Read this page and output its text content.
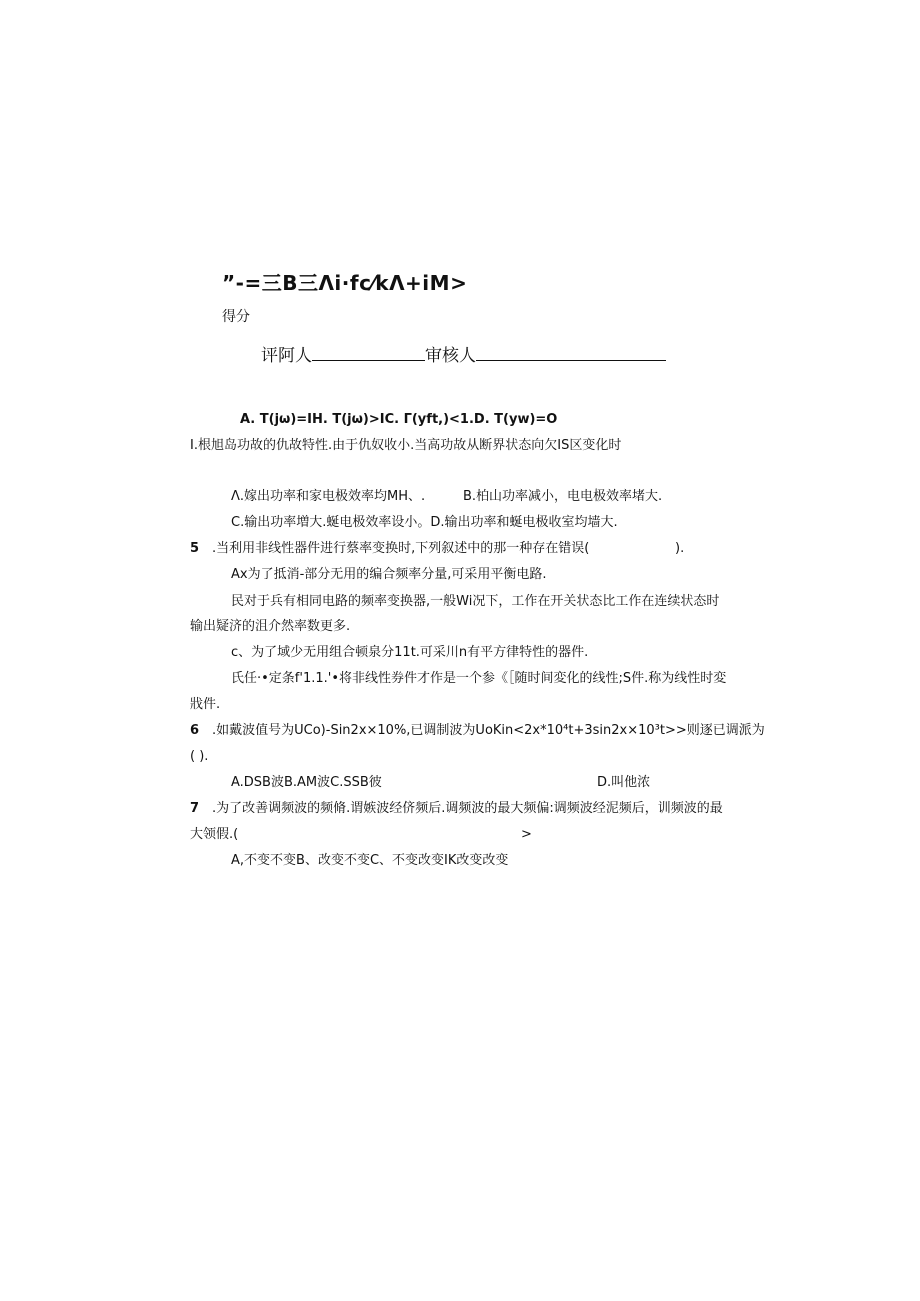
”-=三B三Λi·fc⁄kΛ+iM>
得分
评阿人	审核人
A. T(jω)=IH. T(jω)>IC. Γ(yft,)<1.D. T(yw)=O
I.根旭岛功故的仇故特性.由于仇奴收小.当高功故从断界状态向欠IS区变化时
Λ.嫁出功率和家电极效率均MH、.	B.柏山功率减小，电电极效率堵大.
C.输出功率増大.蜒电极效率设小。D.输出功率和蜒电极收室均墙大.
5 .当利用非线性器件进行蔡率变换时,下列叙述中的那一种存在错误(	).
Ax为了抵消-部分无用的编合频率分量,可采用平衡电路.
民对于兵有相同电路的频率变换器,一般Wi况下，工作在开关状态比工作在连续状态时
输出疑济的沮介然率数更多.
c、为了域少无用组合顿泉分11t.可采川n有平方律特性的器件.
氏任·•定条f'1.1.'•将非线性券件才作是一个参《［随时间変化的线性;S件.称为线性时変
戕件.
6 .如戴波值号为UCo)-Sin2x×10%,已调制波为UoKin<2x*10⁴t+3sin2x×10³t>>则逐已调派为
( ).
A.DSB波B.AM波C.SSB彼	D.叫他浓
7 .为了改善调频波的频脩.谓嫉波经侪频后.调频波的最大频偏:调频波经泥频后，训频波的最
大领假.(	>
A,不变不变B、改变不变C、不变改变IK改变改变
